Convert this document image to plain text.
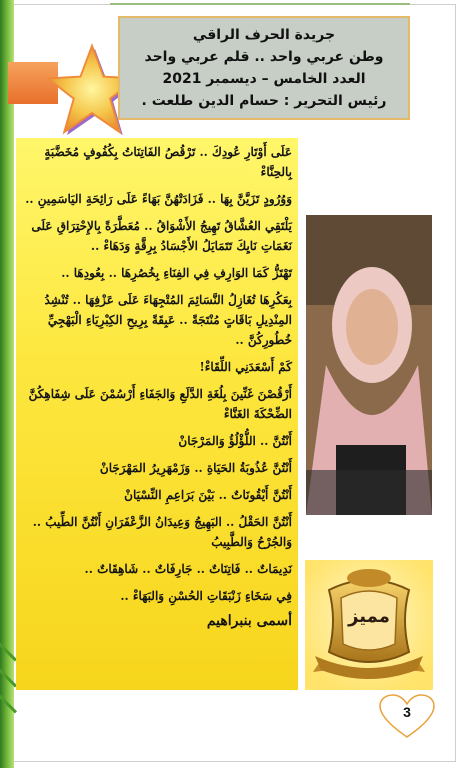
جريدة الحرف الراقي
وطن عربي واحد .. قلم عربي واحد
العدد الخامس – ديسمبر 2021
رئيس التحرير : حسام الدين طلعت .
عَلَى أَوْتَارِ عُودِكَ .. تَرْقُصُ الفَاتِنَاتُ بِكُفُوفٍ مُخَضَّبَةٍ بِالحِنَّاءْ
وَوُرُودٍ تَزَيَّنَّ بِهَا .. فَزَادَتْهُنَّ بَهَاءً عَلَى رَائِحَةِ اليَاسَمِينِ ..
يَلْتَقِي العُشَّاقُ تَهِيجُ الأَشْوَاقُ .. مُعَطَّرَةً بِالإِحْتِرَاقِ عَلَى نَغَمَاتِ نَايِكَ تَتَمَايَلُ الأَجْسَادُ بِرِقَّةٍ وَدَهَاءْ ..
تَهْتَزُّ كَمَا الوَارِفِ فِي الفِنَاءِ بِخُصُرِهَا .. بِعُودِهَا ..
بِعَكُرِهَا تُغَازِلُ النَّسَائِمَ المُتْجِهَاءَ عَلَى عَزْفِهَا .. تُنْشِدُ المِنْدِيلِ بَاقَاتٍ مُنْتَجَةً .. عَبِقَةً بِرِيحِ الكِبْرِيَاءِ الْبَهْجِيِّ خُطُورِكُنَّ ..
كَمْ أَسْعَدَنِي اللِّقَاءْ!
أَرْقُصْنَ غَنِّينَ بِلُغَةِ الدَّلَعِ وَالجَفَاءِ أَرْسُمْنَ عَلَى شِفَاهِكُنَّ الضِّحْكَةَ الغَنَّاءْ
أَنْتُنَّ .. اللُّؤْلُؤُ وَالمَرْجَانْ
أَنْتُنَّ عُذُوبَةُ الحَيَاةِ .. وَزَمْهَرِيرُ المَهْرَجَانْ
أَنْتُنَّ أَيْقُونَاتٌ .. بَيْنَ بَرَاعِمِ النِّسْيَانْ
أَنْتُنَّ الحَقْلُ .. البَهِيجُ وَعِيدَانُ الزَّعْفَرَانِ أَنْتُنَّ الطِّيبُ .. وَالجُرْحُ وَالطَّبِيبُ
نَدِيمَاتٌ .. فَاتِنَاتٌ .. جَارِفَاتٌ .. شَاهِقَاتٌ ..
فِي سَخَاءِ زَنْبَقَاتِ الحُسْنِ وَالبَهَاءْ ..
أسمى بنبراهيم	مميز
3
